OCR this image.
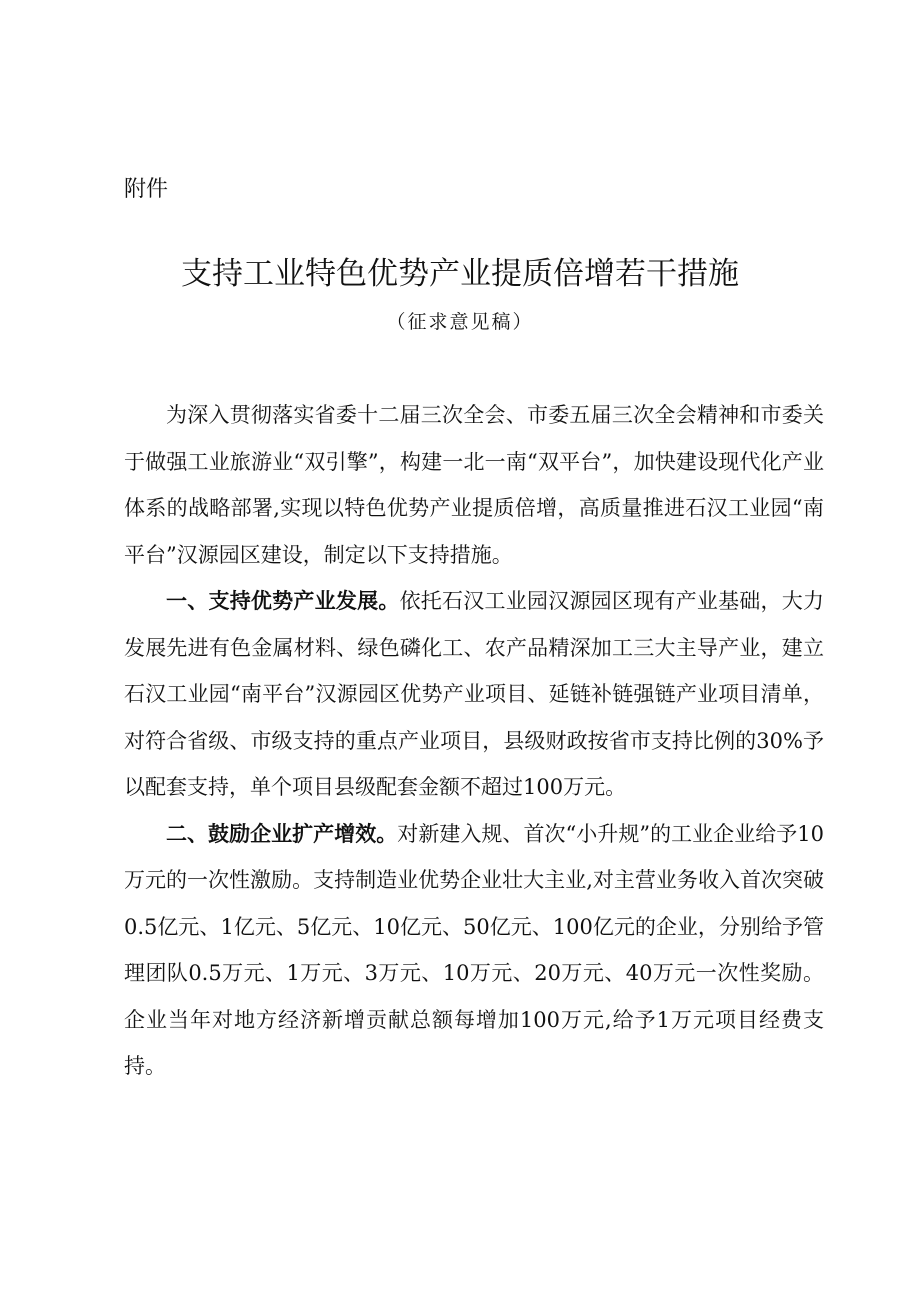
附件
支持工业特色优势产业提质倍增若干措施
（征求意见稿）

为深入贯彻落实省委十二届三次全会、市委五届三次全会精神和市委关于做强工业旅游业“双引擎”，构建一北一南“双平台”，加快建设现代化产业体系的战略部署,实现以特色优势产业提质倍增，高质量推进石汉工业园“南平台”汉源园区建设，制定以下支持措施。

一、支持优势产业发展。依托石汉工业园汉源园区现有产业基础，大力发展先进有色金属材料、绿色磷化工、农产品精深加工三大主导产业，建立石汉工业园“南平台”汉源园区优势产业项目、延链补链强链产业项目清单，对符合省级、市级支持的重点产业项目，县级财政按省市支持比例的30%予以配套支持，单个项目县级配套金额不超过100万元。

二、鼓励企业扩产增效。对新建入规、首次“小升规”的工业企业给予10万元的一次性激励。支持制造业优势企业壮大主业,对主营业务收入首次突破0.5亿元、1亿元、5亿元、10亿元、50亿元、100亿元的企业，分别给予管理团队0.5万元、1万元、3万元、10万元、20万元、40万元一次性奖励。企业当年对地方经济新增贡献总额每增加100万元,给予1万元项目经费支持。
